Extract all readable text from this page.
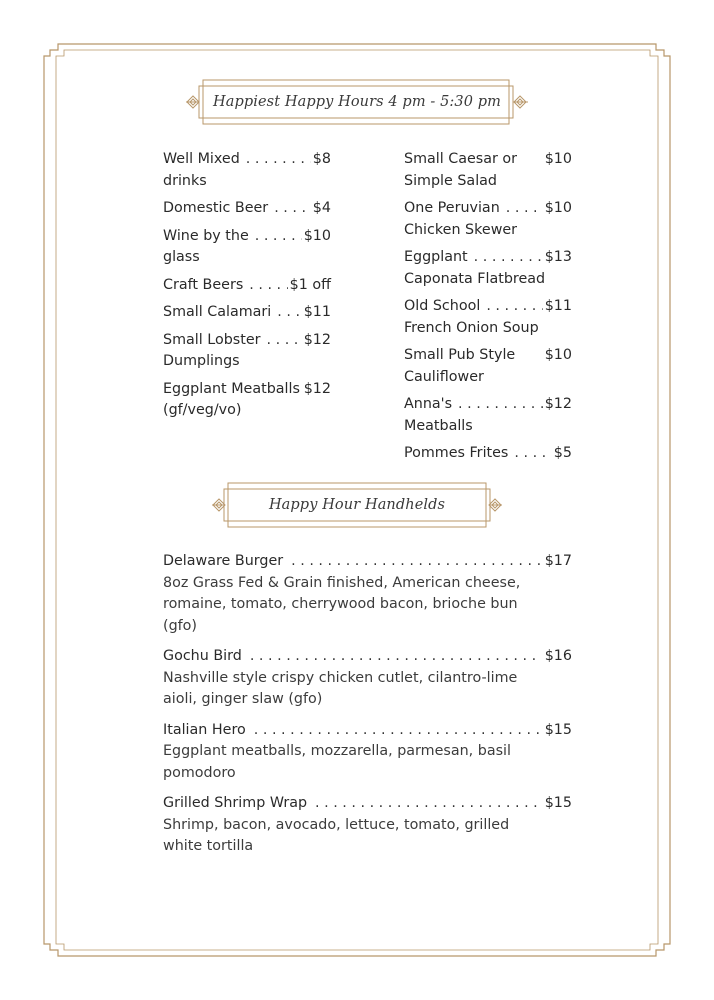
Happiest Happy Hours 4 pm - 5:30 pm
Happy Hour Handhelds
Well Mixed . . .	$8
drinks
Domestic Beer . . .	$4
Wine by the . . .	$10
glass
Craft Beers . . .	$1 off
Small Calamari . . . $11
Small Lobster . . .	$12
Dumplings
Eggplant Meatballs $12
(gf/veg/vo)
Small Caesar or $10
Simple Salad
One Peruvian . . .	$10
Chicken Skewer
Eggplant . . .	$13
Caponata Flatbread
Old School . . .	$11
French Onion Soup
Small Pub Style $10
Cauliflower
Anna's . . .	$12
Meatballs
Pommes Frites . . .	$5
Delaware Burger . . .	$17
8oz Grass Fed & Grain finished, American cheese, romaine, tomato, cherrywood bacon, brioche bun (gfo)
Gochu Bird . . .	$16
Nashville style crispy chicken cutlet, cilantro-lime aioli, ginger slaw (gfo)
Italian Hero . . .	$15
Eggplant meatballs, mozzarella, parmesan, basil pomodoro
Grilled Shrimp Wrap . . .	$15
Shrimp, bacon, avocado, lettuce, tomato, grilled white tortilla
